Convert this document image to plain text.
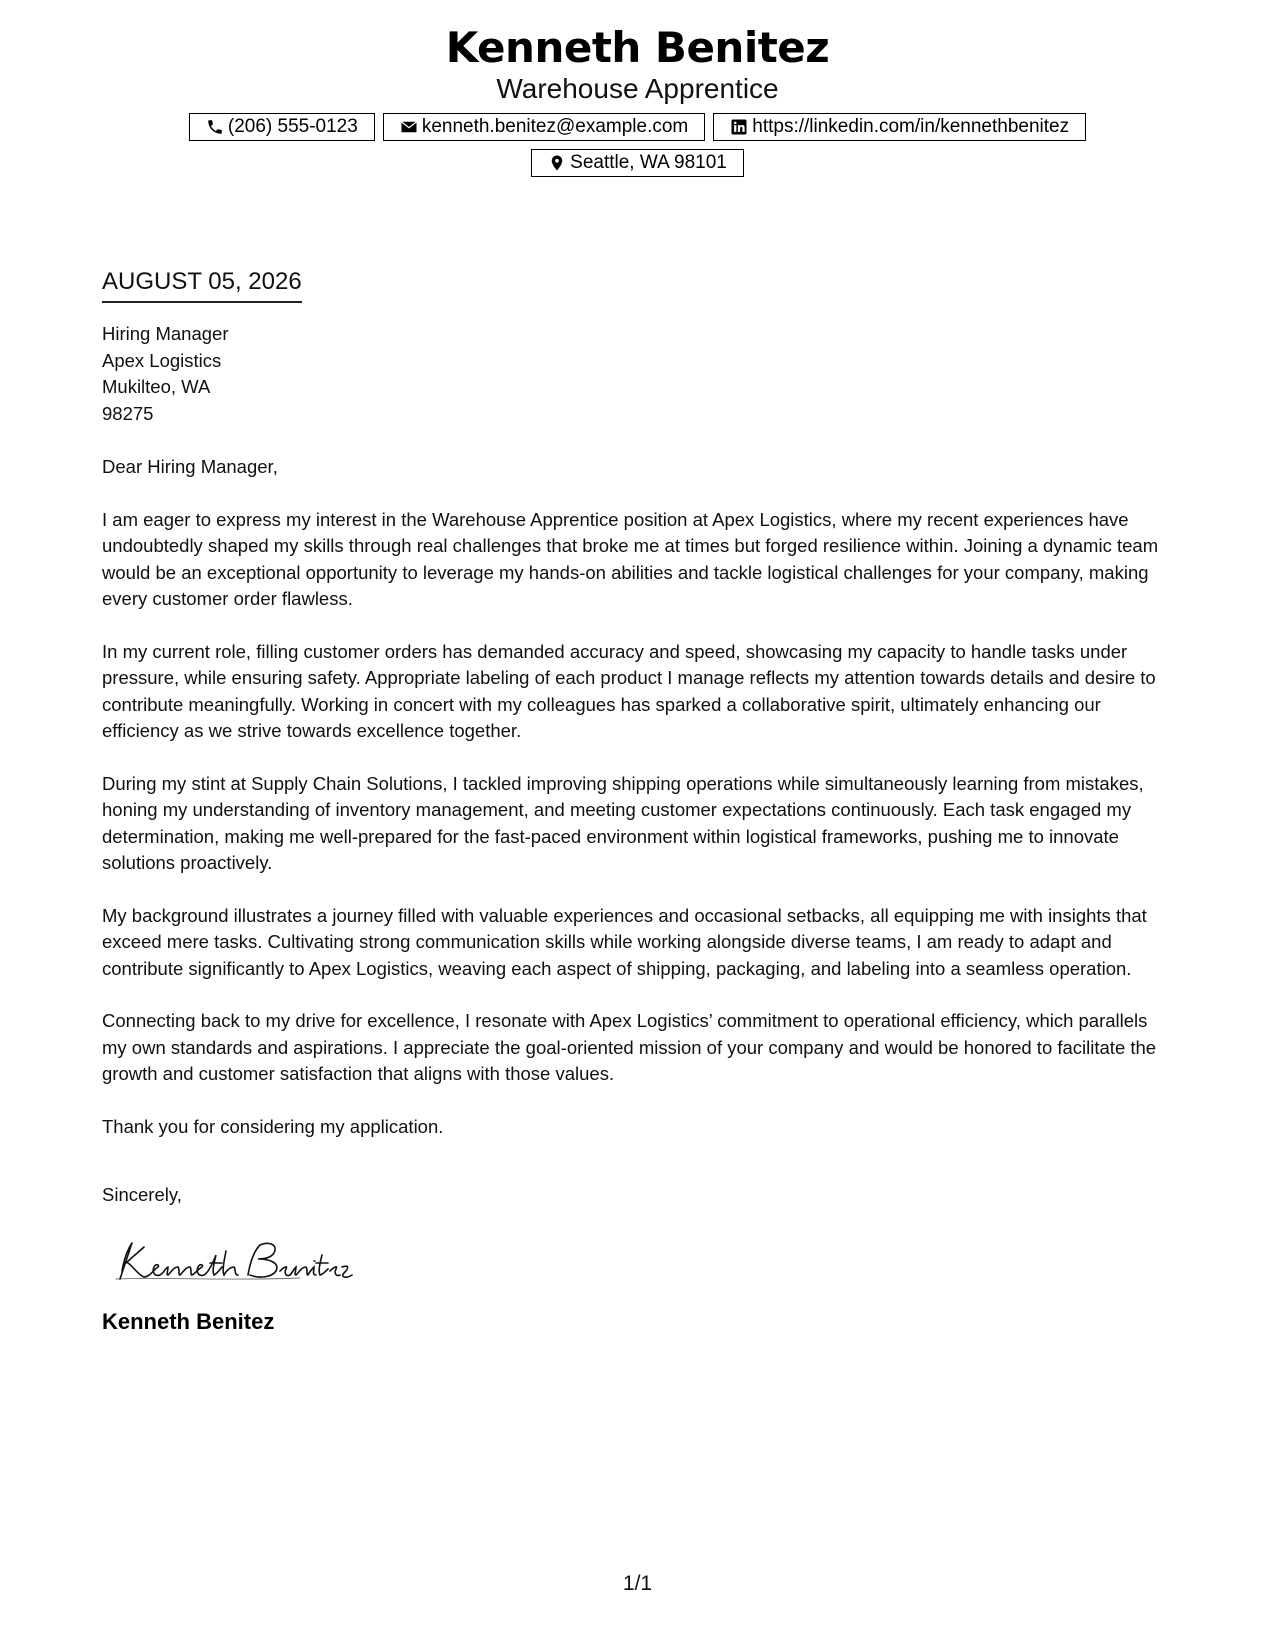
Kenneth Benitez
Warehouse Apprentice
(206) 555-0123	kenneth.benitez@example.com	https://linkedin.com/in/kennethbenitez
Seattle, WA 98101
AUGUST 05, 2026
Hiring Manager
Apex Logistics
Mukilteo, WA
98275
Dear Hiring Manager,
I am eager to express my interest in the Warehouse Apprentice position at Apex Logistics, where my recent experiences have undoubtedly shaped my skills through real challenges that broke me at times but forged resilience within. Joining a dynamic team would be an exceptional opportunity to leverage my hands-on abilities and tackle logistical challenges for your company, making every customer order flawless.
In my current role, filling customer orders has demanded accuracy and speed, showcasing my capacity to handle tasks under pressure, while ensuring safety. Appropriate labeling of each product I manage reflects my attention towards details and desire to contribute meaningfully. Working in concert with my colleagues has sparked a collaborative spirit, ultimately enhancing our efficiency as we strive towards excellence together.
During my stint at Supply Chain Solutions, I tackled improving shipping operations while simultaneously learning from mistakes, honing my understanding of inventory management, and meeting customer expectations continuously. Each task engaged my determination, making me well-prepared for the fast-paced environment within logistical frameworks, pushing me to innovate solutions proactively.
My background illustrates a journey filled with valuable experiences and occasional setbacks, all equipping me with insights that exceed mere tasks. Cultivating strong communication skills while working alongside diverse teams, I am ready to adapt and contribute significantly to Apex Logistics, weaving each aspect of shipping, packaging, and labeling into a seamless operation.
Connecting back to my drive for excellence, I resonate with Apex Logistics’ commitment to operational efficiency, which parallels my own standards and aspirations. I appreciate the goal-oriented mission of your company and would be honored to facilitate the growth and customer satisfaction that aligns with those values.
Thank you for considering my application.
Sincerely,
Kenneth Benitez
1/1
